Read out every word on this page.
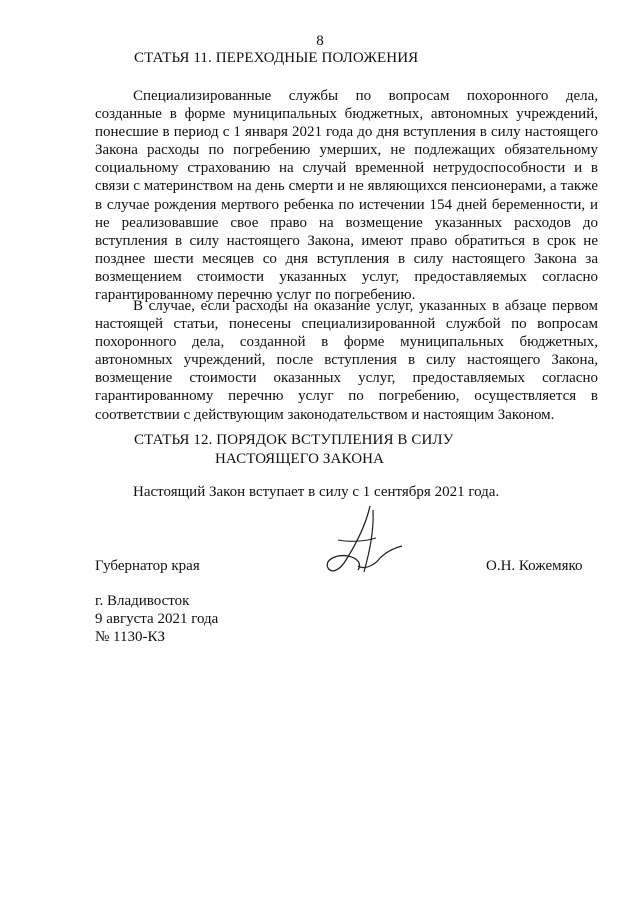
8
СТАТЬЯ 11. ПЕРЕХОДНЫЕ ПОЛОЖЕНИЯ

Специализированные службы по вопросам похоронного дела, созданные в форме муниципальных бюджетных, автономных учреждений, понесшие в период с 1 января 2021 года до дня вступления в силу настоящего Закона расходы по погребению умерших, не подлежащих обязательному социальному страхованию на случай временной нетрудоспособности и в связи с материнством на день смерти и не являющихся пенсионерами, а также в случае рождения мертвого ребенка по истечении 154 дней беременности, и не реализовавшие свое право на возмещение указанных расходов до вступления в силу настоящего Закона, имеют право обратиться в срок не позднее шести месяцев со дня вступления в силу настоящего Закона за возмещением стоимости указанных услуг, предоставляемых согласно гарантированному перечню услуг по погребению.

В случае, если расходы на оказание услуг, указанных в абзаце первом настоящей статьи, понесены специализированной службой по вопросам похоронного дела, созданной в форме муниципальных бюджетных, автономных учреждений, после вступления в силу настоящего Закона, возмещение стоимости оказанных услуг, предоставляемых согласно гарантированному перечню услуг по погребению, осуществляется в соответствии с действующим законодательством и настоящим Законом.

СТАТЬЯ 12. ПОРЯДОК ВСТУПЛЕНИЯ В СИЛУ
НАСТОЯЩЕГО ЗАКОНА
Настоящий Закон вступает в силу с 1 сентября 2021 года.
Губернатор края	О.Н. Кожемяко
г. Владивосток
9 августа 2021 года
№ 1130-КЗ
